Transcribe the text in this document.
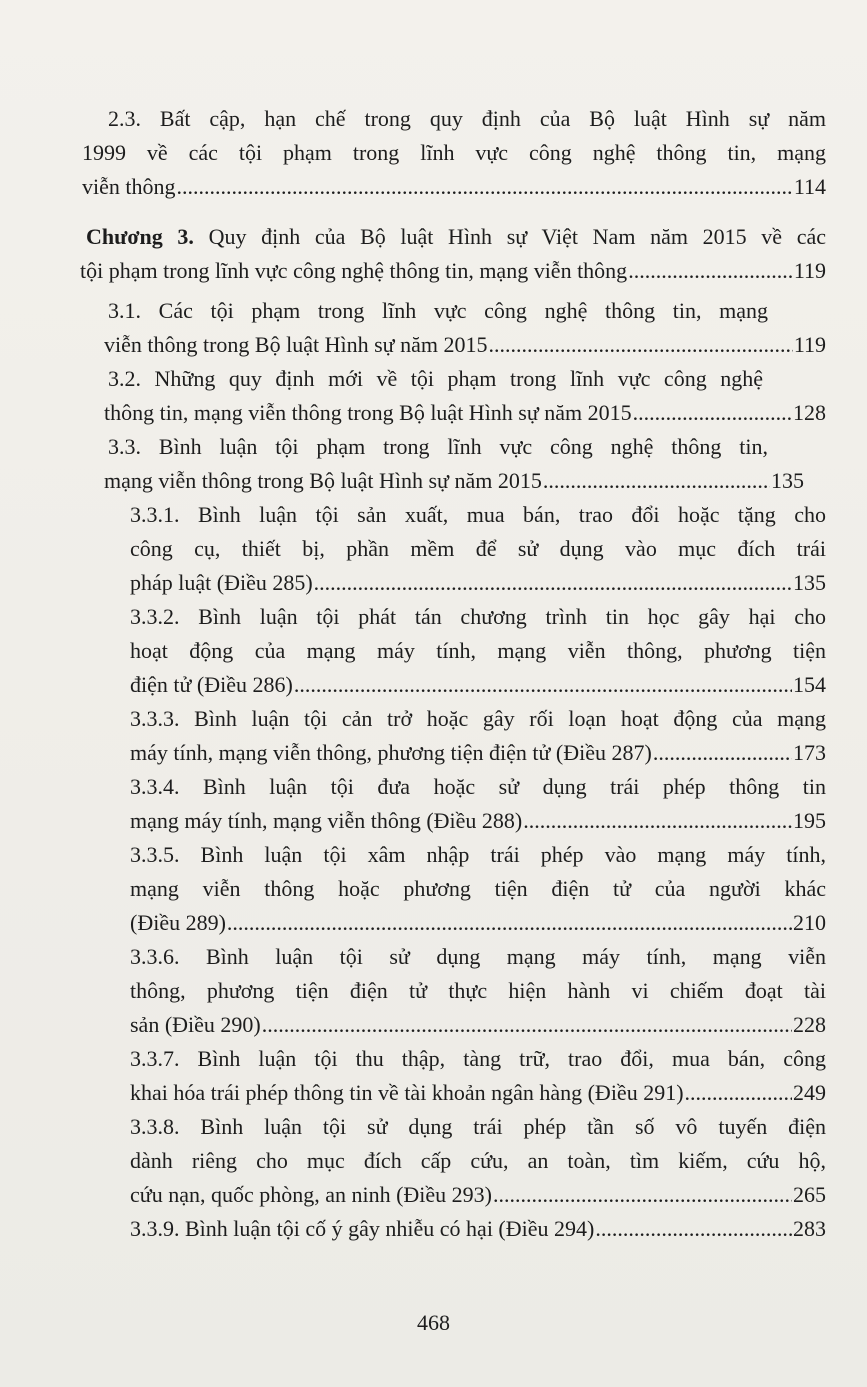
2.3. Bất cập, hạn chế trong quy định của Bộ luật Hình sự năm
1999 về các tội phạm trong lĩnh vực công nghệ thông tin, mạng
viễn thông .....	114
Chương 3. Quy định của Bộ luật Hình sự Việt Nam năm 2015 về các
tội phạm trong lĩnh vực công nghệ thông tin, mạng viễn thông .....	119
3.1. Các tội phạm trong lĩnh vực công nghệ thông tin, mạng
viễn thông trong Bộ luật Hình sự năm 2015 .....	119
3.2. Những quy định mới về tội phạm trong lĩnh vực công nghệ
thông tin, mạng viễn thông trong Bộ luật Hình sự năm 2015 .....	128
3.3. Bình luận tội phạm trong lĩnh vực công nghệ thông tin,
mạng viễn thông trong Bộ luật Hình sự năm 2015 .....	135
3.3.1. Bình luận tội sản xuất, mua bán, trao đổi hoặc tặng cho
công cụ, thiết bị, phần mềm để sử dụng vào mục đích trái
pháp luật (Điều 285) .....	135
3.3.2. Bình luận tội phát tán chương trình tin học gây hại cho
hoạt động của mạng máy tính, mạng viễn thông, phương tiện
điện tử (Điều 286) .....	154
3.3.3. Bình luận tội cản trở hoặc gây rối loạn hoạt động của mạng
máy tính, mạng viễn thông, phương tiện điện tử (Điều 287) .....	173
3.3.4. Bình luận tội đưa hoặc sử dụng trái phép thông tin
mạng máy tính, mạng viễn thông (Điều 288) .....	195
3.3.5. Bình luận tội xâm nhập trái phép vào mạng máy tính,
mạng viễn thông hoặc phương tiện điện tử của người khác
(Điều 289) .....	210
3.3.6. Bình luận tội sử dụng mạng máy tính, mạng viễn
thông, phương tiện điện tử thực hiện hành vi chiếm đoạt tài
sản (Điều 290) .....	228
3.3.7. Bình luận tội thu thập, tàng trữ, trao đổi, mua bán, công
khai hóa trái phép thông tin về tài khoản ngân hàng (Điều 291) .....	249
3.3.8. Bình luận tội sử dụng trái phép tần số vô tuyến điện
dành riêng cho mục đích cấp cứu, an toàn, tìm kiếm, cứu hộ,
cứu nạn, quốc phòng, an ninh (Điều 293) .....	265
3.3.9. Bình luận tội cố ý gây nhiễu có hại (Điều 294) .....	283
468
